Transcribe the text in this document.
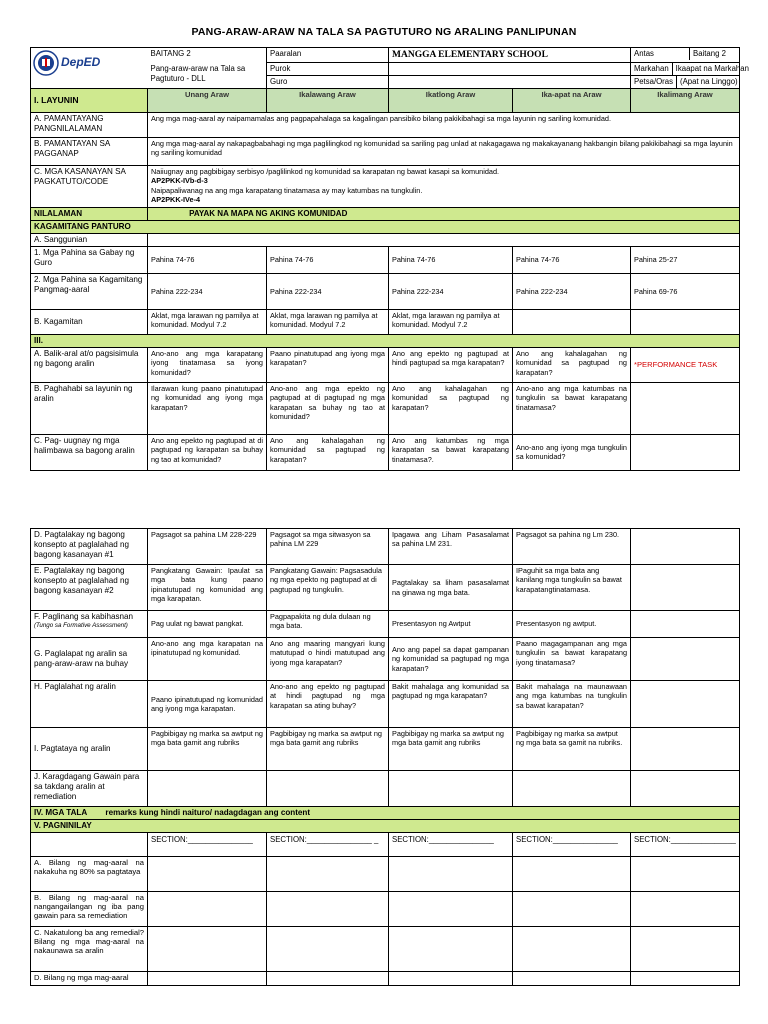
PANG-ARAW-ARAW NA TALA SA PAGTUTURO NG ARALING PANLIPUNAN
DepED	BAITANG 2	Paaralan	MANGGA ELEMENTARY SCHOOL		Antas Baitang 2

	Pang-araw-araw na Tala sa Pagtuturo - DLL	Purok			Markahan Ikaapat na Markahan

		Guro			Petsa/Oras (Apat na Linggo)

I. LAYUNIN	Unang Araw	Ikalawang Araw	Ikatlong Araw	Ika-apat na Araw	Ikalimang Araw
A. PAMANTAYANG PANGNILALAMAN	Ang mga mag-aaral ay naipamamalas ang pagpapahalaga sa kagalingan pansibiko bilang pakikibahagi sa mga layunin ng sariling komunidad.				
B. PAMANTAYAN SA PAGGANAP	Ang mga mag-aaral ay nakapagbabahagi ng mga paglilingkod ng komunidad sa sariling pag unlad at nakagagawa ng makakayanang hakbangin bilang pakikibahagi sa mga layunin ng sariling komunidad				
C. MGA KASANAYAN SA PAGKATUTO/CODE	Naiiugnay ang pagbibigay serbisyo /paglilinkod ng komunidad sa karapatan ng bawat kasapi sa komunidad.
AP2PKK-IVb-d-3
Naipapaliwanag na ang mga karapatang tinatamasa ay may katumbas na tungkulin.
AP2PKK-IVe-4				

NILALAMAN	PAYAK NA MAPA NG AKING KOMUNIDAD				
KAGAMITANG PANTURO					
A. Sanggunian					
1. Mga Pahina sa Gabay ng Guro	Pahina 74-76	Pahina 74-76	Pahina 74-76	Pahina 74-76	Pahina 25-27
2. Mga Pahina sa Kagamitang Pangmag-aaral	Pahina 222-234	Pahina 222-234	Pahina 222-234	Pahina 222-234	Pahina 69-76
B. Kagamitan	Aklat, mga larawan ng pamilya at komunidad. Modyul 7.2	Aklat, mga larawan ng pamilya at komunidad. Modyul 7.2	Aklat, mga larawan ng pamilya at komunidad. Modyul 7.2		
III.					
A. Balik-aral at/o pagsisimula ng bagong aralin	Ano-ano ang mga karapatang iyong tinatamasa sa iyong komunidad?	Paano pinatutupad ang iyong mga karapatan?	Ano ang epekto ng pagtupad at hindi pagtupad sa mga karapatan?	Ano ang kahalagahan ng komunidad sa pagtupad ng karapatan?	*PERFORMANCE TASK
B. Paghahabi sa layunin ng aralin	Ilarawan kung paano pinatutupad ng komunidad ang iyong mga karapatan?	Ano-ano ang mga epekto ng pagtupad at di pagtupad ng mga karapatan sa buhay ng tao at komunidad?	Ano ang kahalagahan ng komunidad sa pagtupad ng karapatan?	Ano-ano ang mga katumbas na tungkulin sa bawat karapatang tinatamasa?	
C. Pag- uugnay ng mga halimbawa sa bagong aralin	Ano ang epekto ng pagtupad at di pagtupad ng karapatan sa buhay ng tao at komunidad?	Ano ang kahalagahan ng komunidad sa pagtupad ng karapatan?	Ano ang katumbas ng mga karapatan sa bawat karapatang tinatamasa?.	Ano-ano ang iyong mga tungkulin sa komunidad?	
D. Pagtalakay ng bagong konsepto at paglalahad ng bagong kasanayan #1	Pagsagot sa pahina LM 228-229	Pagsagot sa mga sitwasyon sa pahina LM 229	Ipagawa ang Liham Pasasalamat sa pahina LM 231.	Pagsagot sa pahina ng Lm 230.	
E. Pagtalakay ng bagong konsepto at paglalahad ng bagong kasanayan #2	Pangkatang Gawain: Ipaulat sa mga bata kung paano ipinatutupad ng komunidad ang mga karapatan.	Pangkatang Gawain: Pagsasadula ng mga epekto ng pagtupad at di pagtupad ng tungkulin.	Pagtalakay sa liham pasasalamat na ginawa ng mga bata.	IPaguhit sa mga bata ang kanilang mga tungkulin sa bawat karapatangtinatamasa.	

F. Paglinang sa kabihasnan
(Tungo sa Formative Assessment)	Pag uulat ng bawat pangkat.	Pagpapakita ng dula dulaan ng mga bata.	Presentasyon ng Awtput	Presentasyon ng awtput.	
G. Paglalapat ng aralin sa pang-araw-araw na buhay	Ano-ano ang mga karapatan na ipinatutupad ng komunidad.	Ano ang maaring mangyari kung matutupad o hindi matutupad ang iyong mga karapatan?	Ano ang papel sa dapat gampanan ng komunidad sa pagtupad ng mga karapatan?	Paano magagampanan ang mga tungkulin sa bawat karapatang iyong tinatamasa?	
H. Paglalahat ng aralin	Paano ipinatutupad ng komunidad ang iyong mga karapatan.	Ano-ano ang epekto ng pagtupad at hindi pagtupad ng mga karapatan sa ating buhay?	Bakit mahalaga ang komunidad sa pagtupad ng mga karapatan?	Bakit mahalaga na maunawaan ang mga katumbas na tungkulin sa bawat karapatan?	
I. Pagtataya ng aralin	Pagbibigay ng marka sa awtput ng mga bata gamit ang rubriks	Pagbibigay ng marka sa awtput ng mga bata gamit ang rubriks	Pagbibigay ng marka sa awtput ng mga bata gamit ang rubriks	Pagbibigay ng marka sa awtput ng mga bata sa gamit na rubriks.	
J. Karagdagang Gawain para sa takdang aralin at remediation					
IV. MGA TALA remarks kung hindi naituro/ nadagdagan ang content					
V. PAGNINILAY					
	SECTION:_______________	SECTION:_______________ _	SECTION:_______________	SECTION:_______________	SECTION:_______________
A. Bilang ng mag-aaral na nakakuha ng 80% sa pagtataya					
B. Bilang ng mag-aaral na nangangailangan ng iba pang gawain para sa remediation					
C. Nakatulong ba ang remedial? Bilang ng mga mag-aaral na nakaunawa sa aralin					
D. Bilang ng mga mag-aaral					
